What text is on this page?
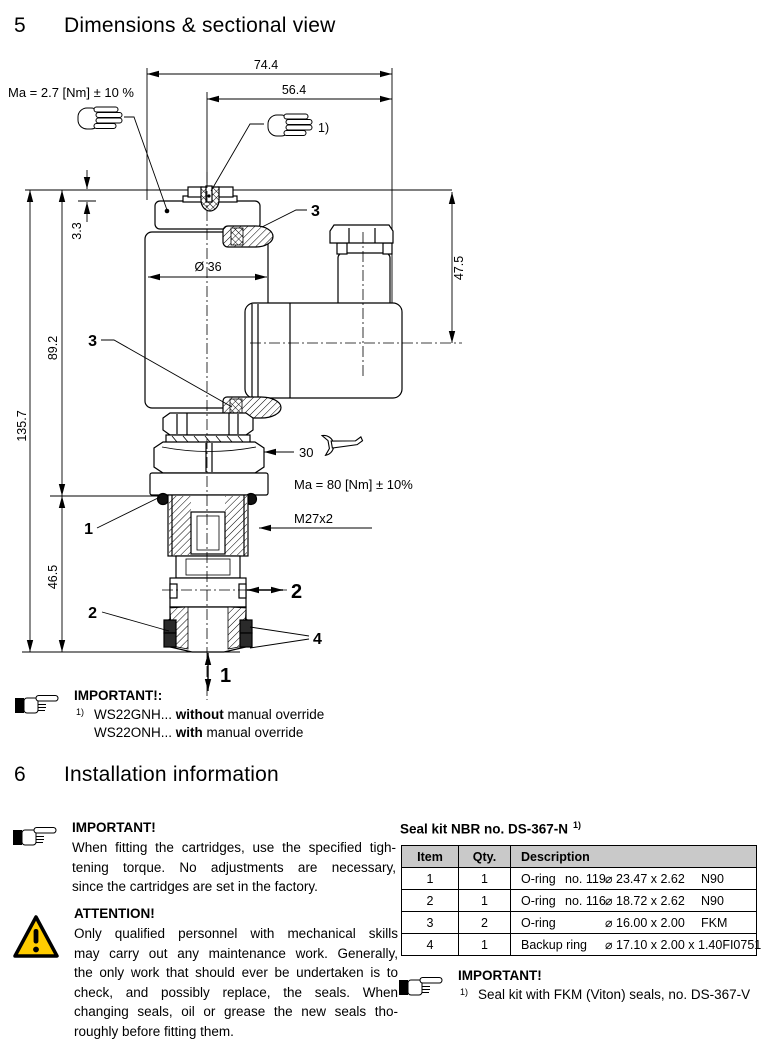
5 Dimensions & sectional view
74.4
56.4
Ma = 2.7 [Nm] ± 10 %
135.7
89.2
46.5
3.3
47.5
Ø 36
30
Ma = 80 [Nm] ± 10%
M27x2
1)
3
3
1
2
4
2
1
IMPORTANT!:
1) WS22GNH... without manual override
WS22ONH... with manual override
6 Installation information
IMPORTANT!
When fitting the cartridges, use the specified tigh-
tening torque. No adjustments are necessary,
since the cartridges are set in the factory.
ATTENTION!
Only qualified personnel with mechanical skills
may carry out any maintenance work. Generally,
the only work that should ever be undertaken is to
check, and possibly replace, the seals. When
changing seals, oil or grease the new seals tho-
roughly before fitting them.
Seal kit NBR no. DS-367-N $^{1)}$
Item	Qty.	Description
1	1	O-ring no. 119⌀ 23.47 x 2.62 N90
2	1	O-ring no. 116⌀ 18.72 x 2.62 N90
3	2	O-ring ⌀ 16.00 x 2.00 FKM
4	1	Backup ring ⌀ 17.10 x 2.00 x 1.40FI0751
IMPORTANT!
1) Seal kit with FKM (Viton) seals, no. DS-367-V
